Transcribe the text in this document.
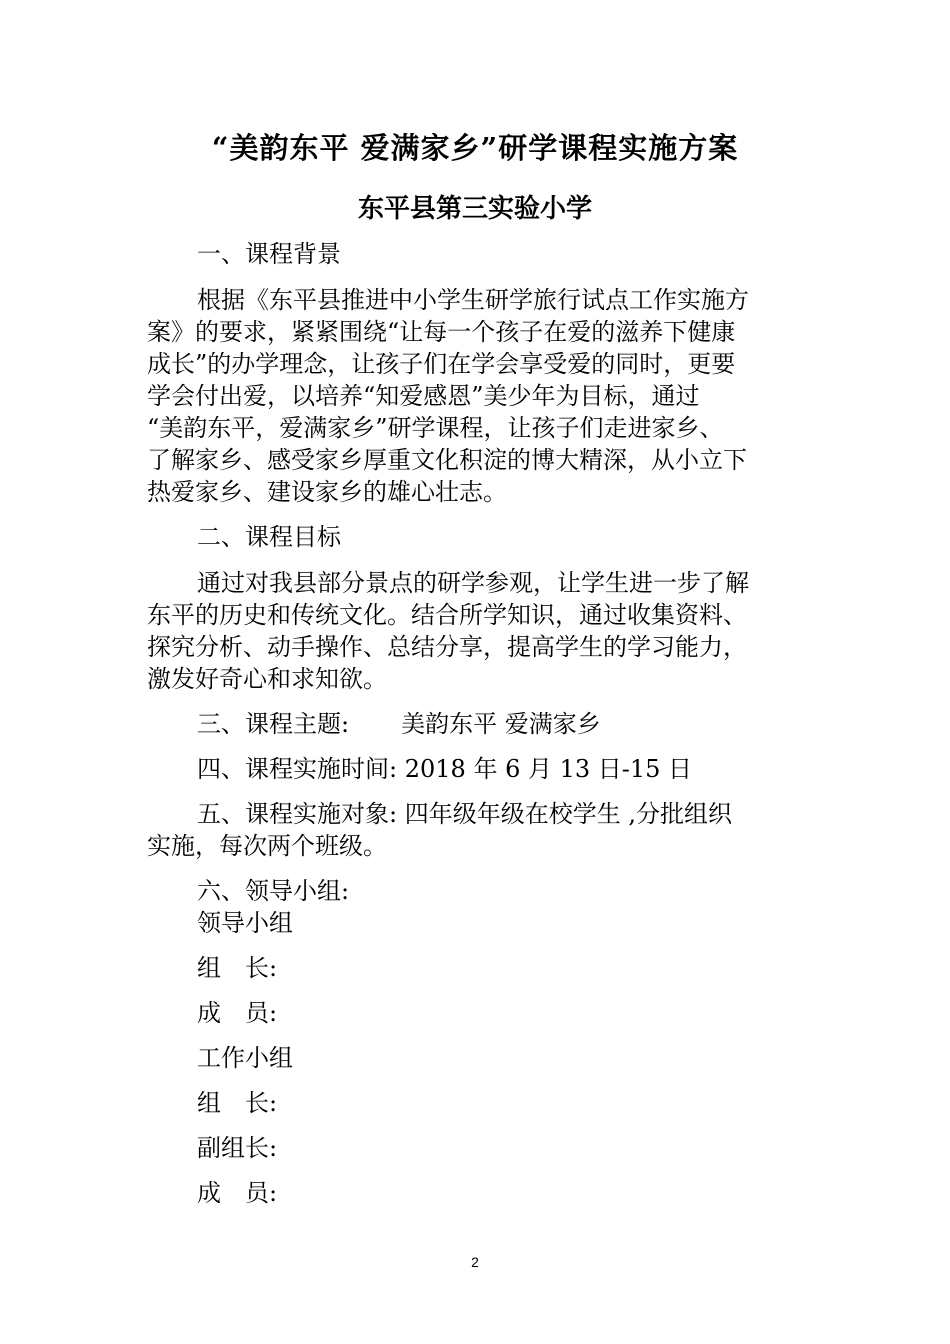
“美韵东平 爱满家乡”研学课程实施方案
东平县第三实验小学

一、课程背景

根据《东平县推进中小学生研学旅行试点工作实施方

案》的要求，紧紧围绕“让每一个孩子在爱的滋养下健康

成长”的办学理念，让孩子们在学会享受爱的同时，更要

学会付出爱，以培养“知爱感恩”美少年为目标，通过

“美韵东平，爱满家乡”研学课程，让孩子们走进家乡、

了解家乡、感受家乡厚重文化积淀的博大精深，从小立下

热爱家乡、建设家乡的雄心壮志。

二、课程目标

通过对我县部分景点的研学参观，让学生进一步了解

东平的历史和传统文化。结合所学知识，通过收集资料、

探究分析、动手操作、总结分享，提高学生的学习能力，

激发好奇心和求知欲。

三、课程主题: 美韵东平 爱满家乡

四、课程实施时间: 2018 年 6 月 13 日-15 日

五、课程实施对象: 四年级年级在校学生 ,分批组织

实施，每次两个班级。

六、领导小组:

领导小组

组　长:

成　员:

工作小组

组　长:

副组长:

成　员:

2
